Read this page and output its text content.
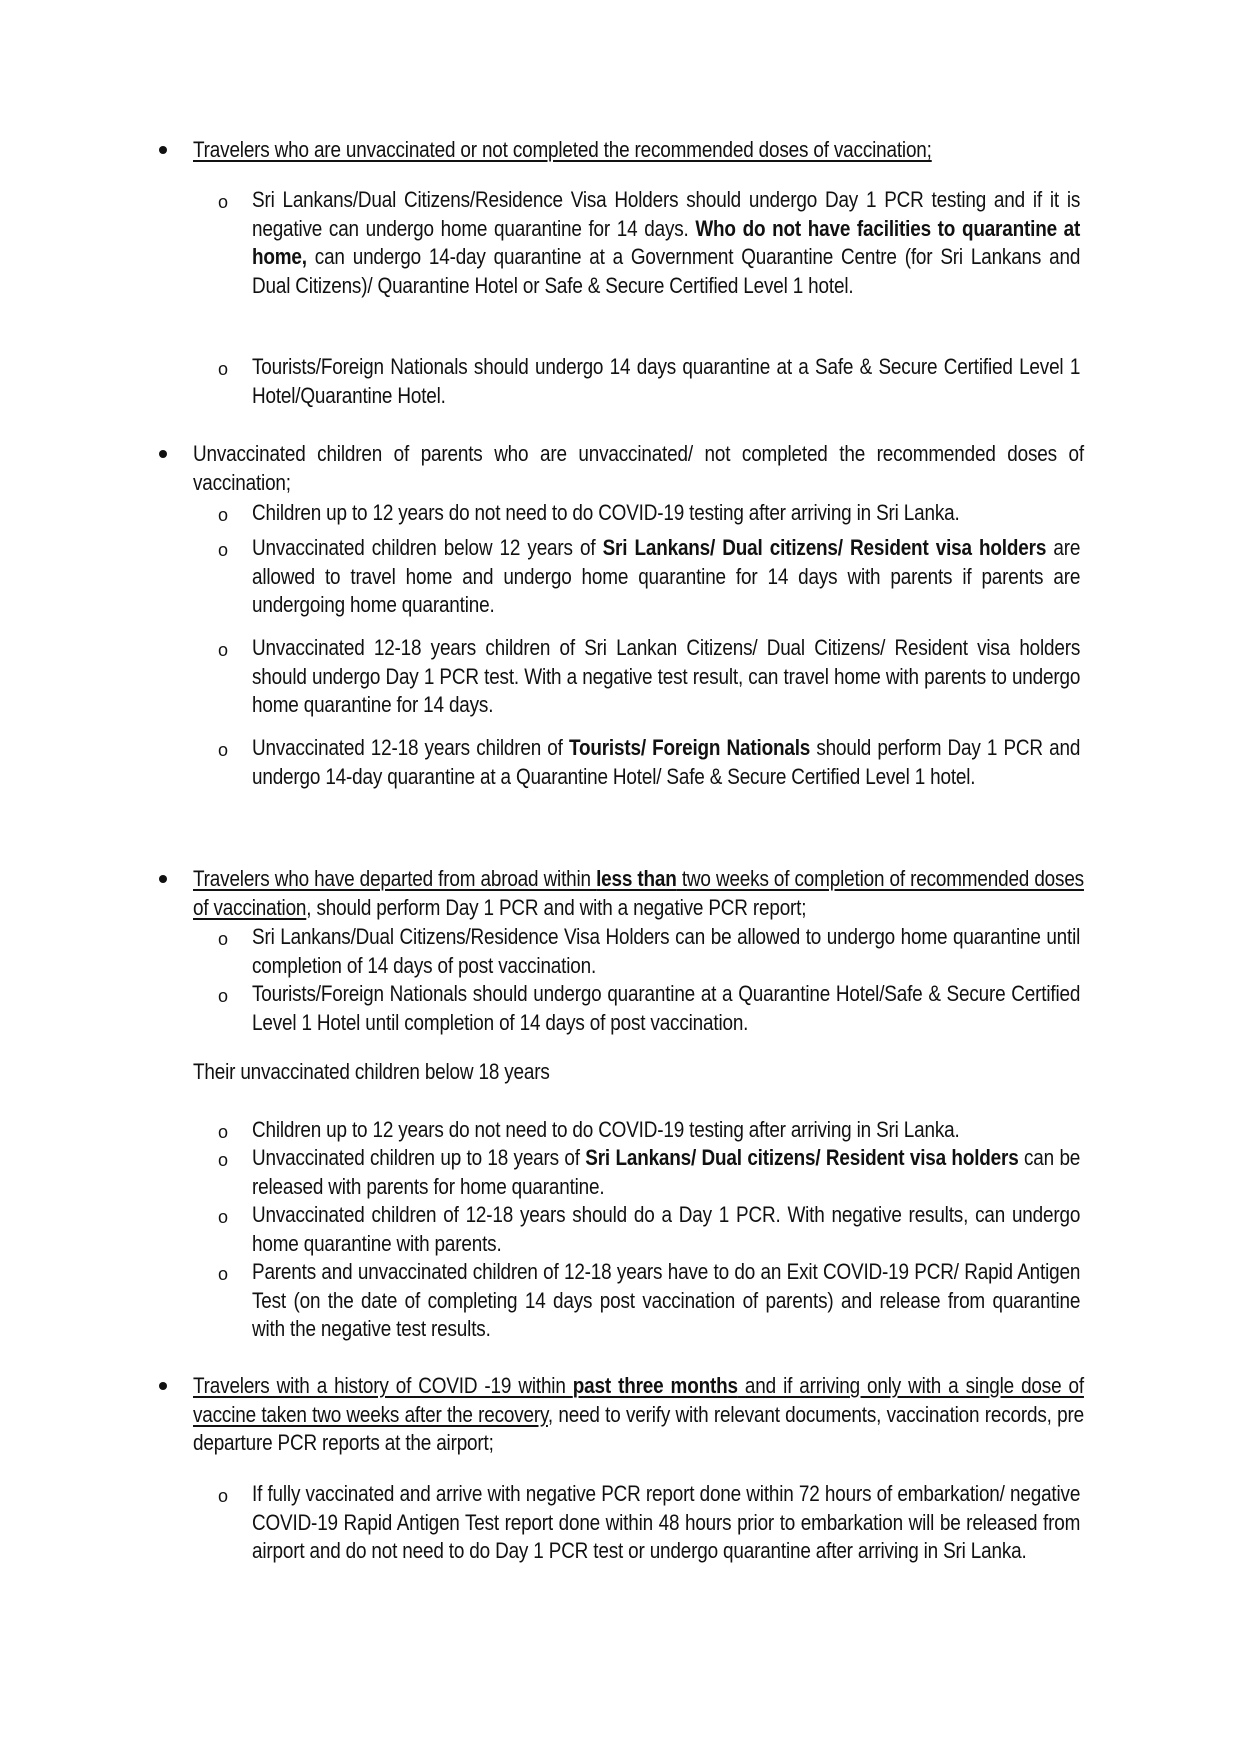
Travelers who are unvaccinated or not completed the recommended doses of vaccination;
o Sri Lankans/Dual Citizens/Residence Visa Holders should undergo Day 1 PCR testing and if it is negative can undergo home quarantine for 14 days. Who do not have facilities to quarantine at home, can undergo 14-day quarantine at a Government Quarantine Centre (for Sri Lankans and Dual Citizens)/ Quarantine Hotel or Safe & Secure Certified Level 1 hotel.
o Tourists/Foreign Nationals should undergo 14 days quarantine at a Safe & Secure Certified Level 1 Hotel/Quarantine Hotel.
Unvaccinated children of parents who are unvaccinated/ not completed the recommended doses of vaccination;
o Children up to 12 years do not need to do COVID-19 testing after arriving in Sri Lanka.
o Unvaccinated children below 12 years of Sri Lankans/ Dual citizens/ Resident visa holders are allowed to travel home and undergo home quarantine for 14 days with parents if parents are undergoing home quarantine.
o Unvaccinated 12-18 years children of Sri Lankan Citizens/ Dual Citizens/ Resident visa holders should undergo Day 1 PCR test. With a negative test result, can travel home with parents to undergo home quarantine for 14 days.
o Unvaccinated 12-18 years children of Tourists/ Foreign Nationals should perform Day 1 PCR and undergo 14-day quarantine at a Quarantine Hotel/ Safe & Secure Certified Level 1 hotel.
Travelers who have departed from abroad within less than two weeks of completion of recommended doses of vaccination, should perform Day 1 PCR and with a negative PCR report;
o Sri Lankans/Dual Citizens/Residence Visa Holders can be allowed to undergo home quarantine until completion of 14 days of post vaccination.
o Tourists/Foreign Nationals should undergo quarantine at a Quarantine Hotel/Safe & Secure Certified Level 1 Hotel until completion of 14 days of post vaccination.
Their unvaccinated children below 18 years
o Children up to 12 years do not need to do COVID-19 testing after arriving in Sri Lanka.
o Unvaccinated children up to 18 years of Sri Lankans/ Dual citizens/ Resident visa holders can be released with parents for home quarantine.
o Unvaccinated children of 12-18 years should do a Day 1 PCR. With negative results, can undergo home quarantine with parents.
o Parents and unvaccinated children of 12-18 years have to do an Exit COVID-19 PCR/ Rapid Antigen Test (on the date of completing 14 days post vaccination of parents) and release from quarantine with the negative test results.
Travelers with a history of COVID -19 within past three months and if arriving only with a single dose of vaccine taken two weeks after the recovery, need to verify with relevant documents, vaccination records, pre departure PCR reports at the airport;
o If fully vaccinated and arrive with negative PCR report done within 72 hours of embarkation/ negative COVID-19 Rapid Antigen Test report done within 48 hours prior to embarkation will be released from airport and do not need to do Day 1 PCR test or undergo quarantine after arriving in Sri Lanka.
